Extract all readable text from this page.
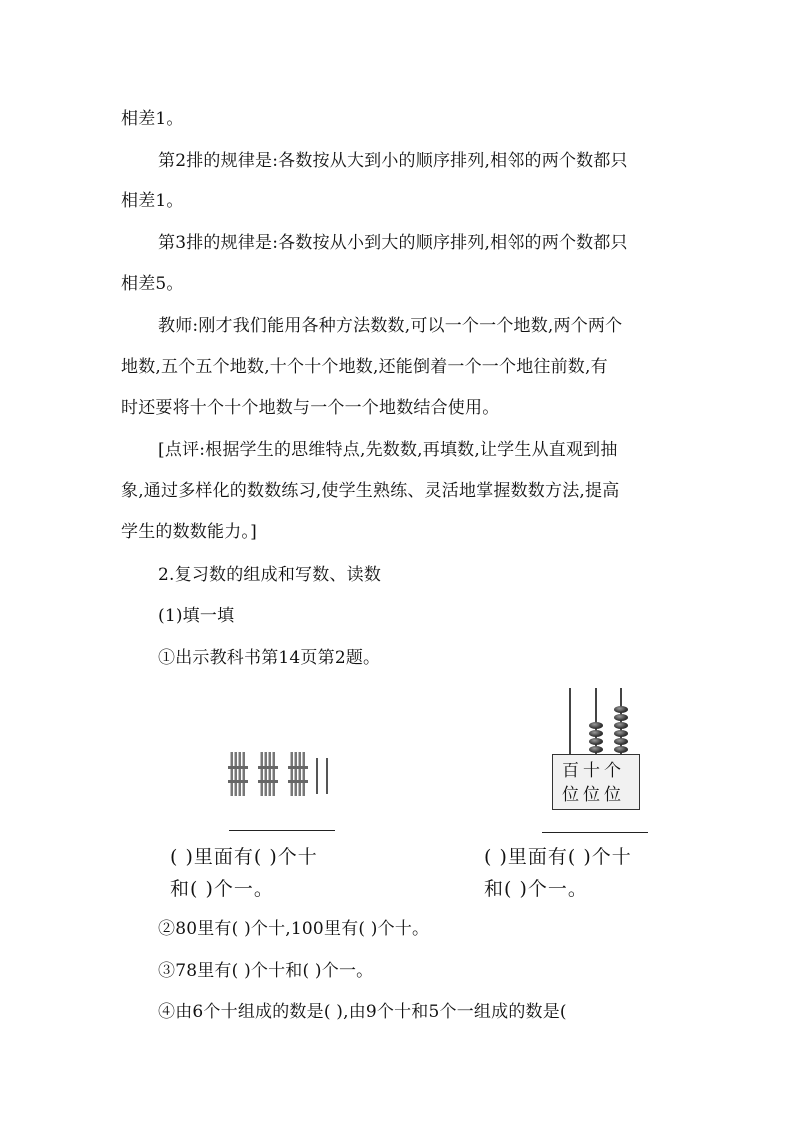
相差1。
第2排的规律是:各数按从大到小的顺序排列,相邻的两个数都只
相差1。
第3排的规律是:各数按从小到大的顺序排列,相邻的两个数都只
相差5。
教师:刚才我们能用各种方法数数,可以一个一个地数,两个两个
地数,五个五个地数,十个十个地数,还能倒着一个一个地往前数,有
时还要将十个十个地数与一个一个地数结合使用。
[点评:根据学生的思维特点,先数数,再填数,让学生从直观到抽
象,通过多样化的数数练习,使学生熟练、灵活地掌握数数方法,提高
学生的数数能力。]
2.复习数的组成和写数、读数
(1)填一填
①出示教科书第14页第2题。
( )里面有( )个十
和( )个一。
百十个
位位位
( )里面有( )个十
和( )个一。
②80里有( )个十,100里有( )个十。
③78里有( )个十和( )个一。
④由6个十组成的数是( ),由9个十和5个一组成的数是(
